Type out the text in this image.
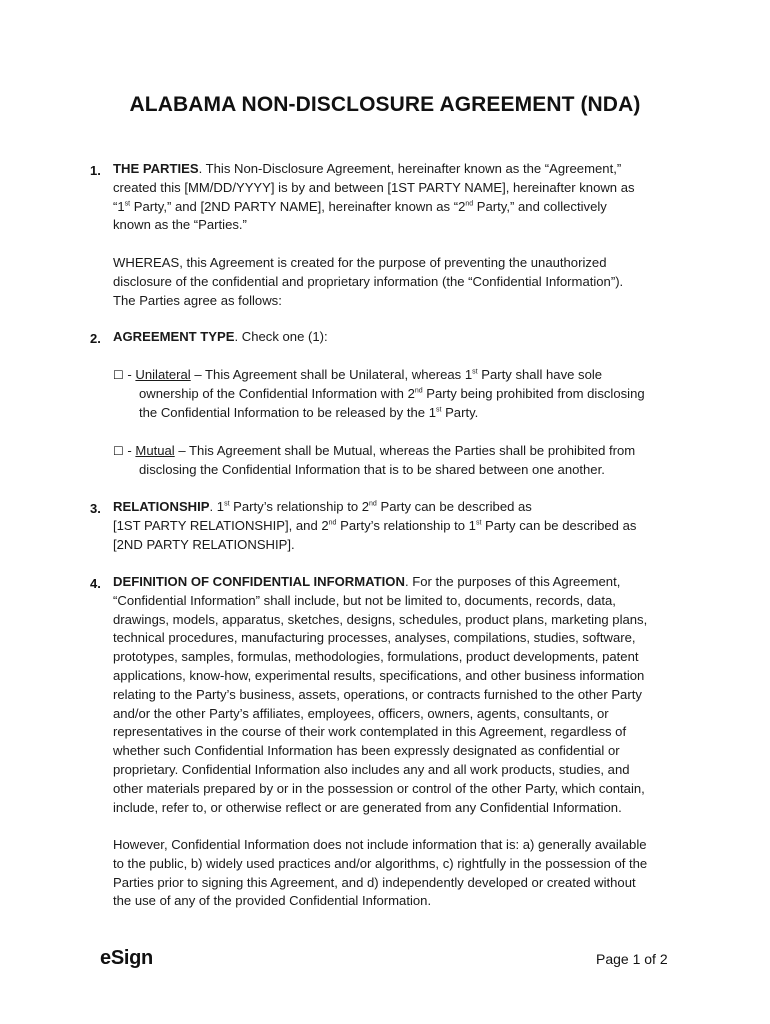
ALABAMA NON-DISCLOSURE AGREEMENT (NDA)
1. THE PARTIES. This Non-Disclosure Agreement, hereinafter known as the “Agreement,”
created this [MM/DD/YYYY] is by and between [1ST PARTY NAME], hereinafter known as
“1st Party,” and [2ND PARTY NAME], hereinafter known as “2nd Party,” and collectively
known as the “Parties.”
WHEREAS, this Agreement is created for the purpose of preventing the unauthorized
disclosure of the confidential and proprietary information (the “Confidential Information”).
The Parties agree as follows:
2. AGREEMENT TYPE. Check one (1):
☐ - Unilateral – This Agreement shall be Unilateral, whereas 1st Party shall have sole
ownership of the Confidential Information with 2nd Party being prohibited from disclosing
the Confidential Information to be released by the 1st Party.
☐ - Mutual – This Agreement shall be Mutual, whereas the Parties shall be prohibited from
disclosing the Confidential Information that is to be shared between one another.
3. RELATIONSHIP. 1st Party’s relationship to 2nd Party can be described as
[1ST PARTY RELATIONSHIP], and 2nd Party’s relationship to 1st Party can be described as
[2ND PARTY RELATIONSHIP].
4. DEFINITION OF CONFIDENTIAL INFORMATION. For the purposes of this Agreement,
“Confidential Information” shall include, but not be limited to, documents, records, data,
drawings, models, apparatus, sketches, designs, schedules, product plans, marketing plans,
technical procedures, manufacturing processes, analyses, compilations, studies, software,
prototypes, samples, formulas, methodologies, formulations, product developments, patent
applications, know-how, experimental results, specifications, and other business information
relating to the Party’s business, assets, operations, or contracts furnished to the other Party
and/or the other Party’s affiliates, employees, officers, owners, agents, consultants, or
representatives in the course of their work contemplated in this Agreement, regardless of
whether such Confidential Information has been expressly designated as confidential or
proprietary. Confidential Information also includes any and all work products, studies, and
other materials prepared by or in the possession or control of the other Party, which contain,
include, refer to, or otherwise reflect or are generated from any Confidential Information.
However, Confidential Information does not include information that is: a) generally available
to the public, b) widely used practices and/or algorithms, c) rightfully in the possession of the
Parties prior to signing this Agreement, and d) independently developed or created without
the use of any of the provided Confidential Information.
eSign	Page 1 of 2
